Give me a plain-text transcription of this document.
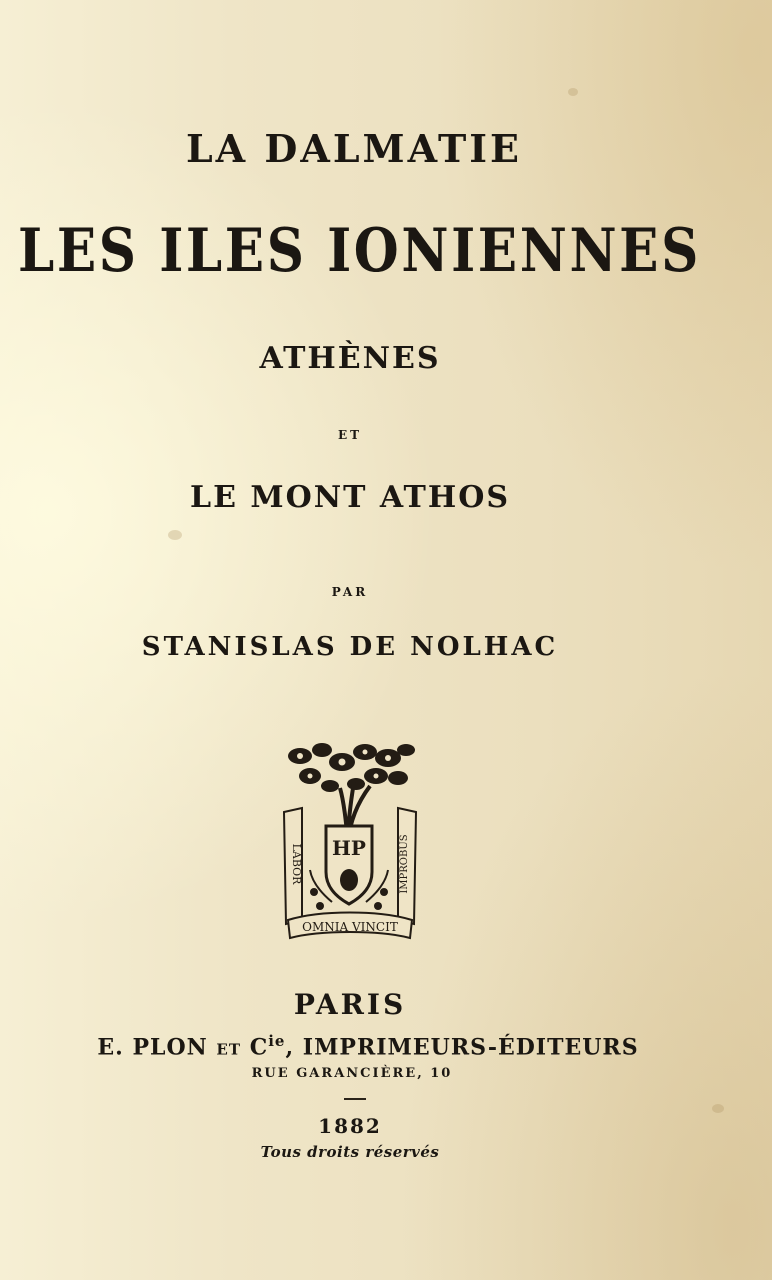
LA DALMATIE
LES ILES IONIENNES
ATHÈNES
ET
LE MONT ATHOS
PAR
STANISLAS DE NOLHAC
HP
LABOR	IMPROBUS
OMNIA VINCIT
PARIS
E. PLON ET $C^{ie}$, IMPRIMEURS-ÉDITEURS
RUE GARANCIÈRE, 10
1882
Tous droits réservés
